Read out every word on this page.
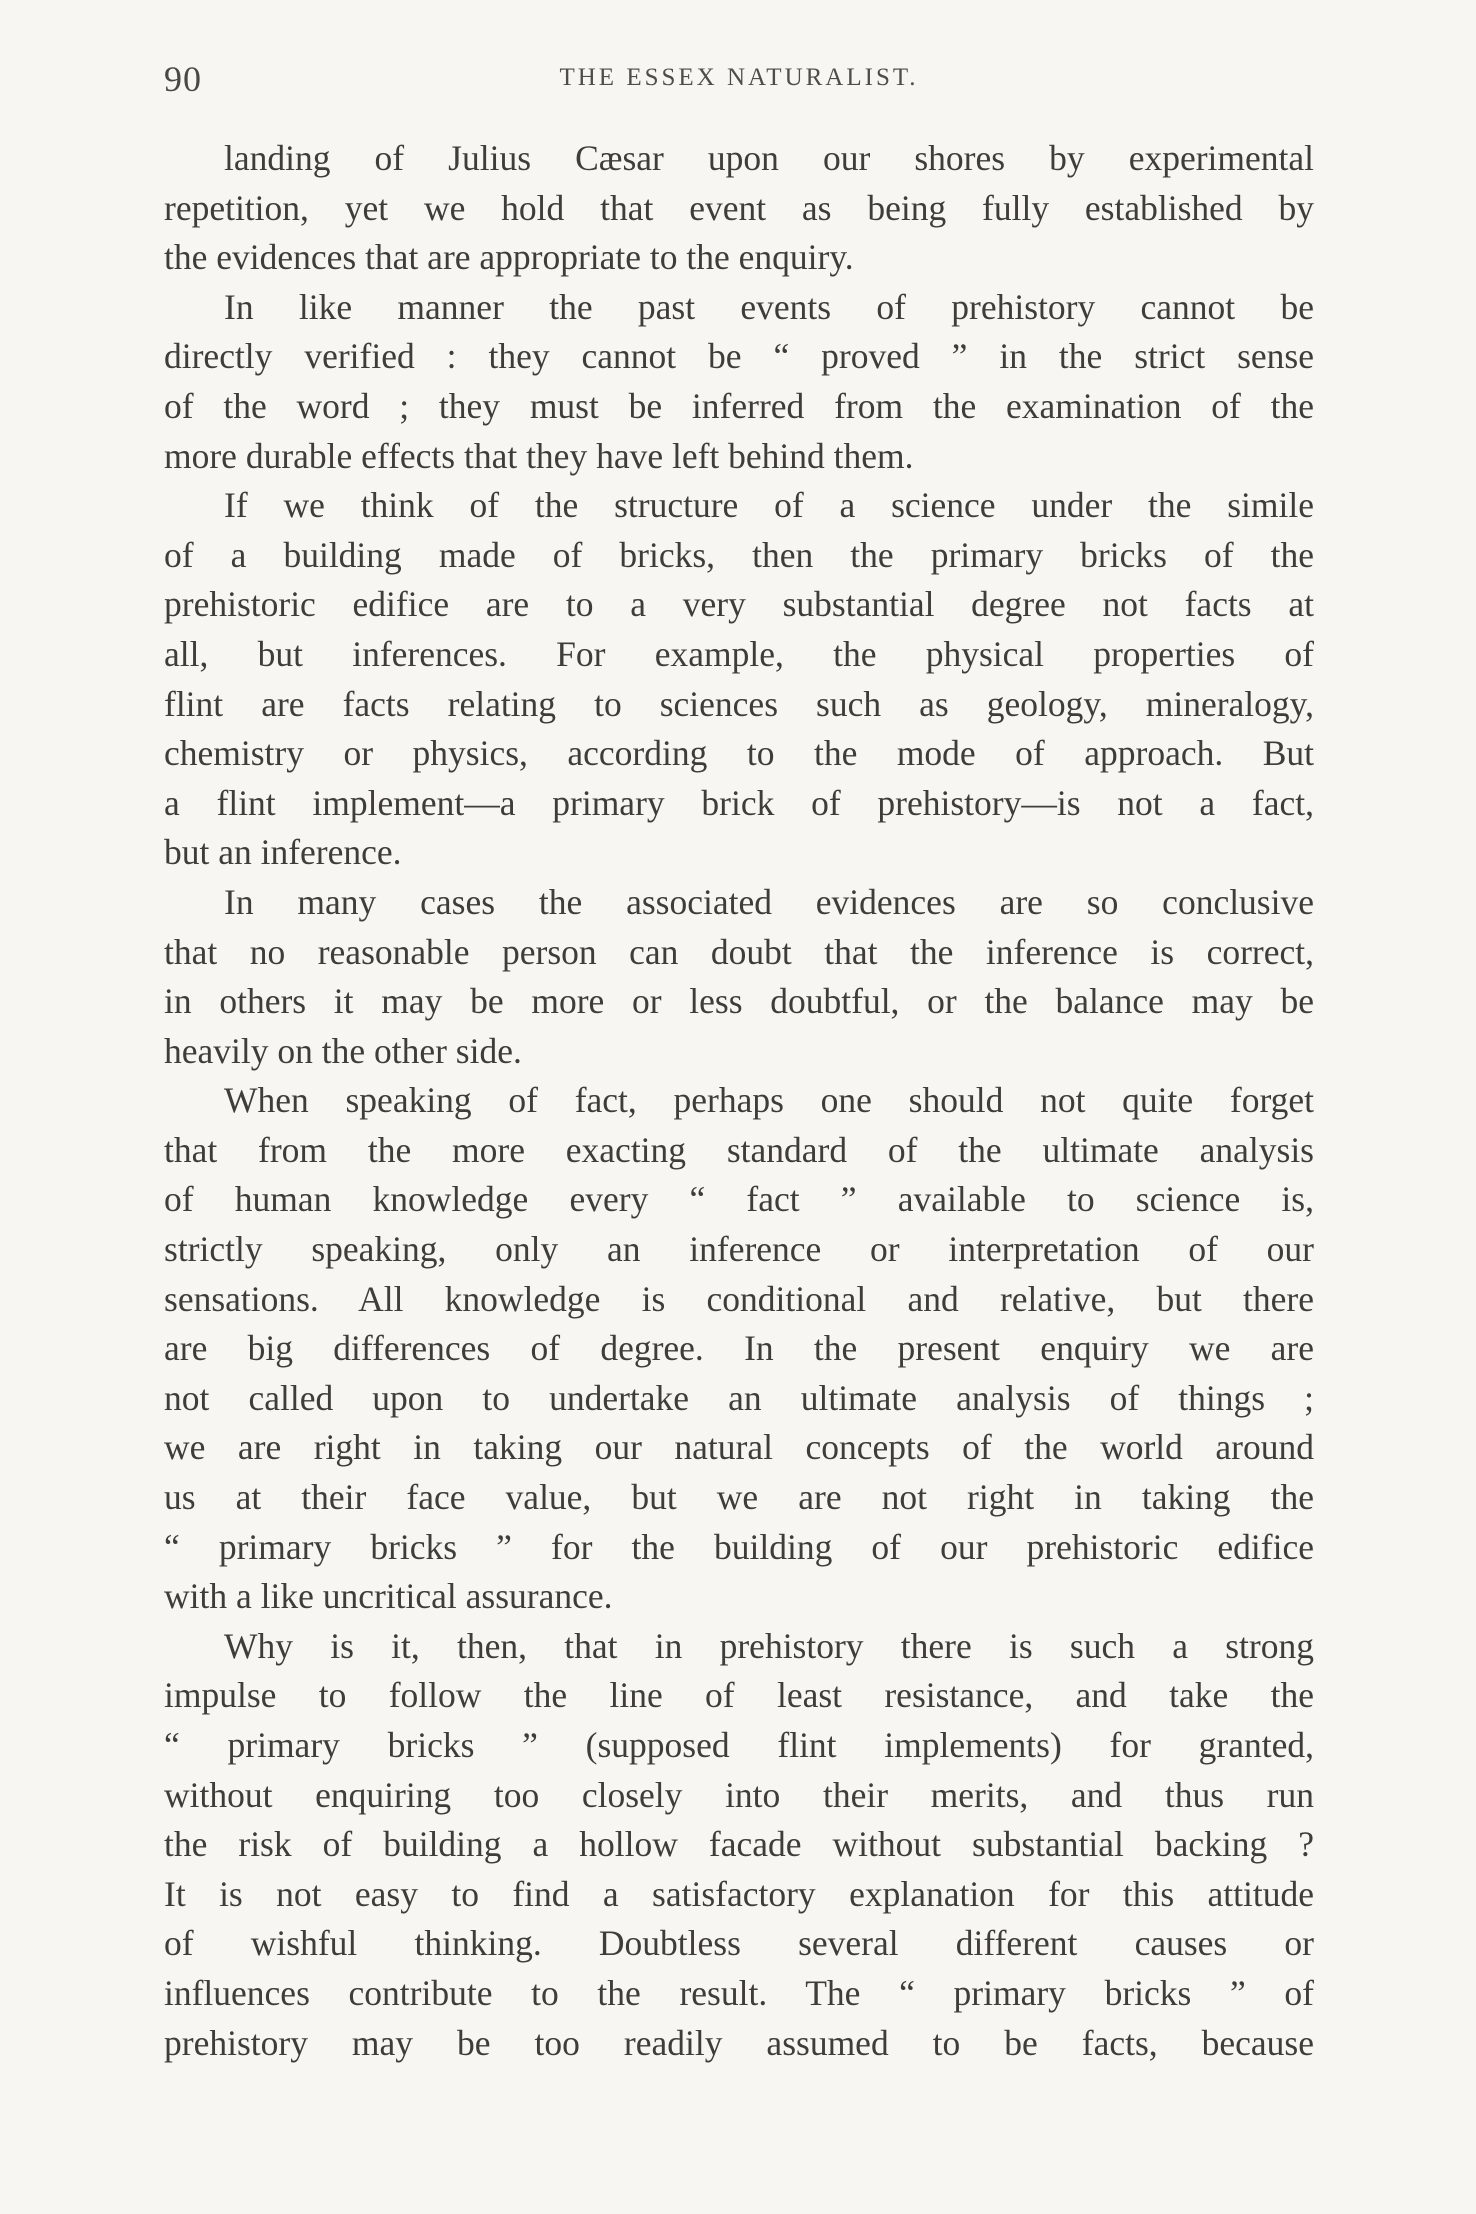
90	THE ESSEX NATURALIST.
landing of Julius Cæsar upon our shores by experimental
repetition, yet we hold that event as being fully established by
the evidences that are appropriate to the enquiry.
In like manner the past events of prehistory cannot be
directly verified : they cannot be “ proved ” in the strict sense
of the word ; they must be inferred from the examination of the
more durable effects that they have left behind them.
If we think of the structure of a science under the simile
of a building made of bricks, then the primary bricks of the
prehistoric edifice are to a very substantial degree not facts at
all, but inferences. For example, the physical properties of
flint are facts relating to sciences such as geology, mineralogy,
chemistry or physics, according to the mode of approach. But
a flint implement—a primary brick of prehistory—is not a fact,
but an inference.
In many cases the associated evidences are so conclusive
that no reasonable person can doubt that the inference is correct,
in others it may be more or less doubtful, or the balance may be
heavily on the other side.
When speaking of fact, perhaps one should not quite forget
that from the more exacting standard of the ultimate analysis
of human knowledge every “ fact ” available to science is,
strictly speaking, only an inference or interpretation of our
sensations. All knowledge is conditional and relative, but there
are big differences of degree. In the present enquiry we are
not called upon to undertake an ultimate analysis of things ;
we are right in taking our natural concepts of the world around
us at their face value, but we are not right in taking the
“ primary bricks ” for the building of our prehistoric edifice
with a like uncritical assurance.
Why is it, then, that in prehistory there is such a strong
impulse to follow the line of least resistance, and take the
“ primary bricks ” (supposed flint implements) for granted,
without enquiring too closely into their merits, and thus run
the risk of building a hollow facade without substantial backing ?
It is not easy to find a satisfactory explanation for this attitude
of wishful thinking. Doubtless several different causes or
influences contribute to the result. The “ primary bricks ” of
prehistory may be too readily assumed to be facts, because
